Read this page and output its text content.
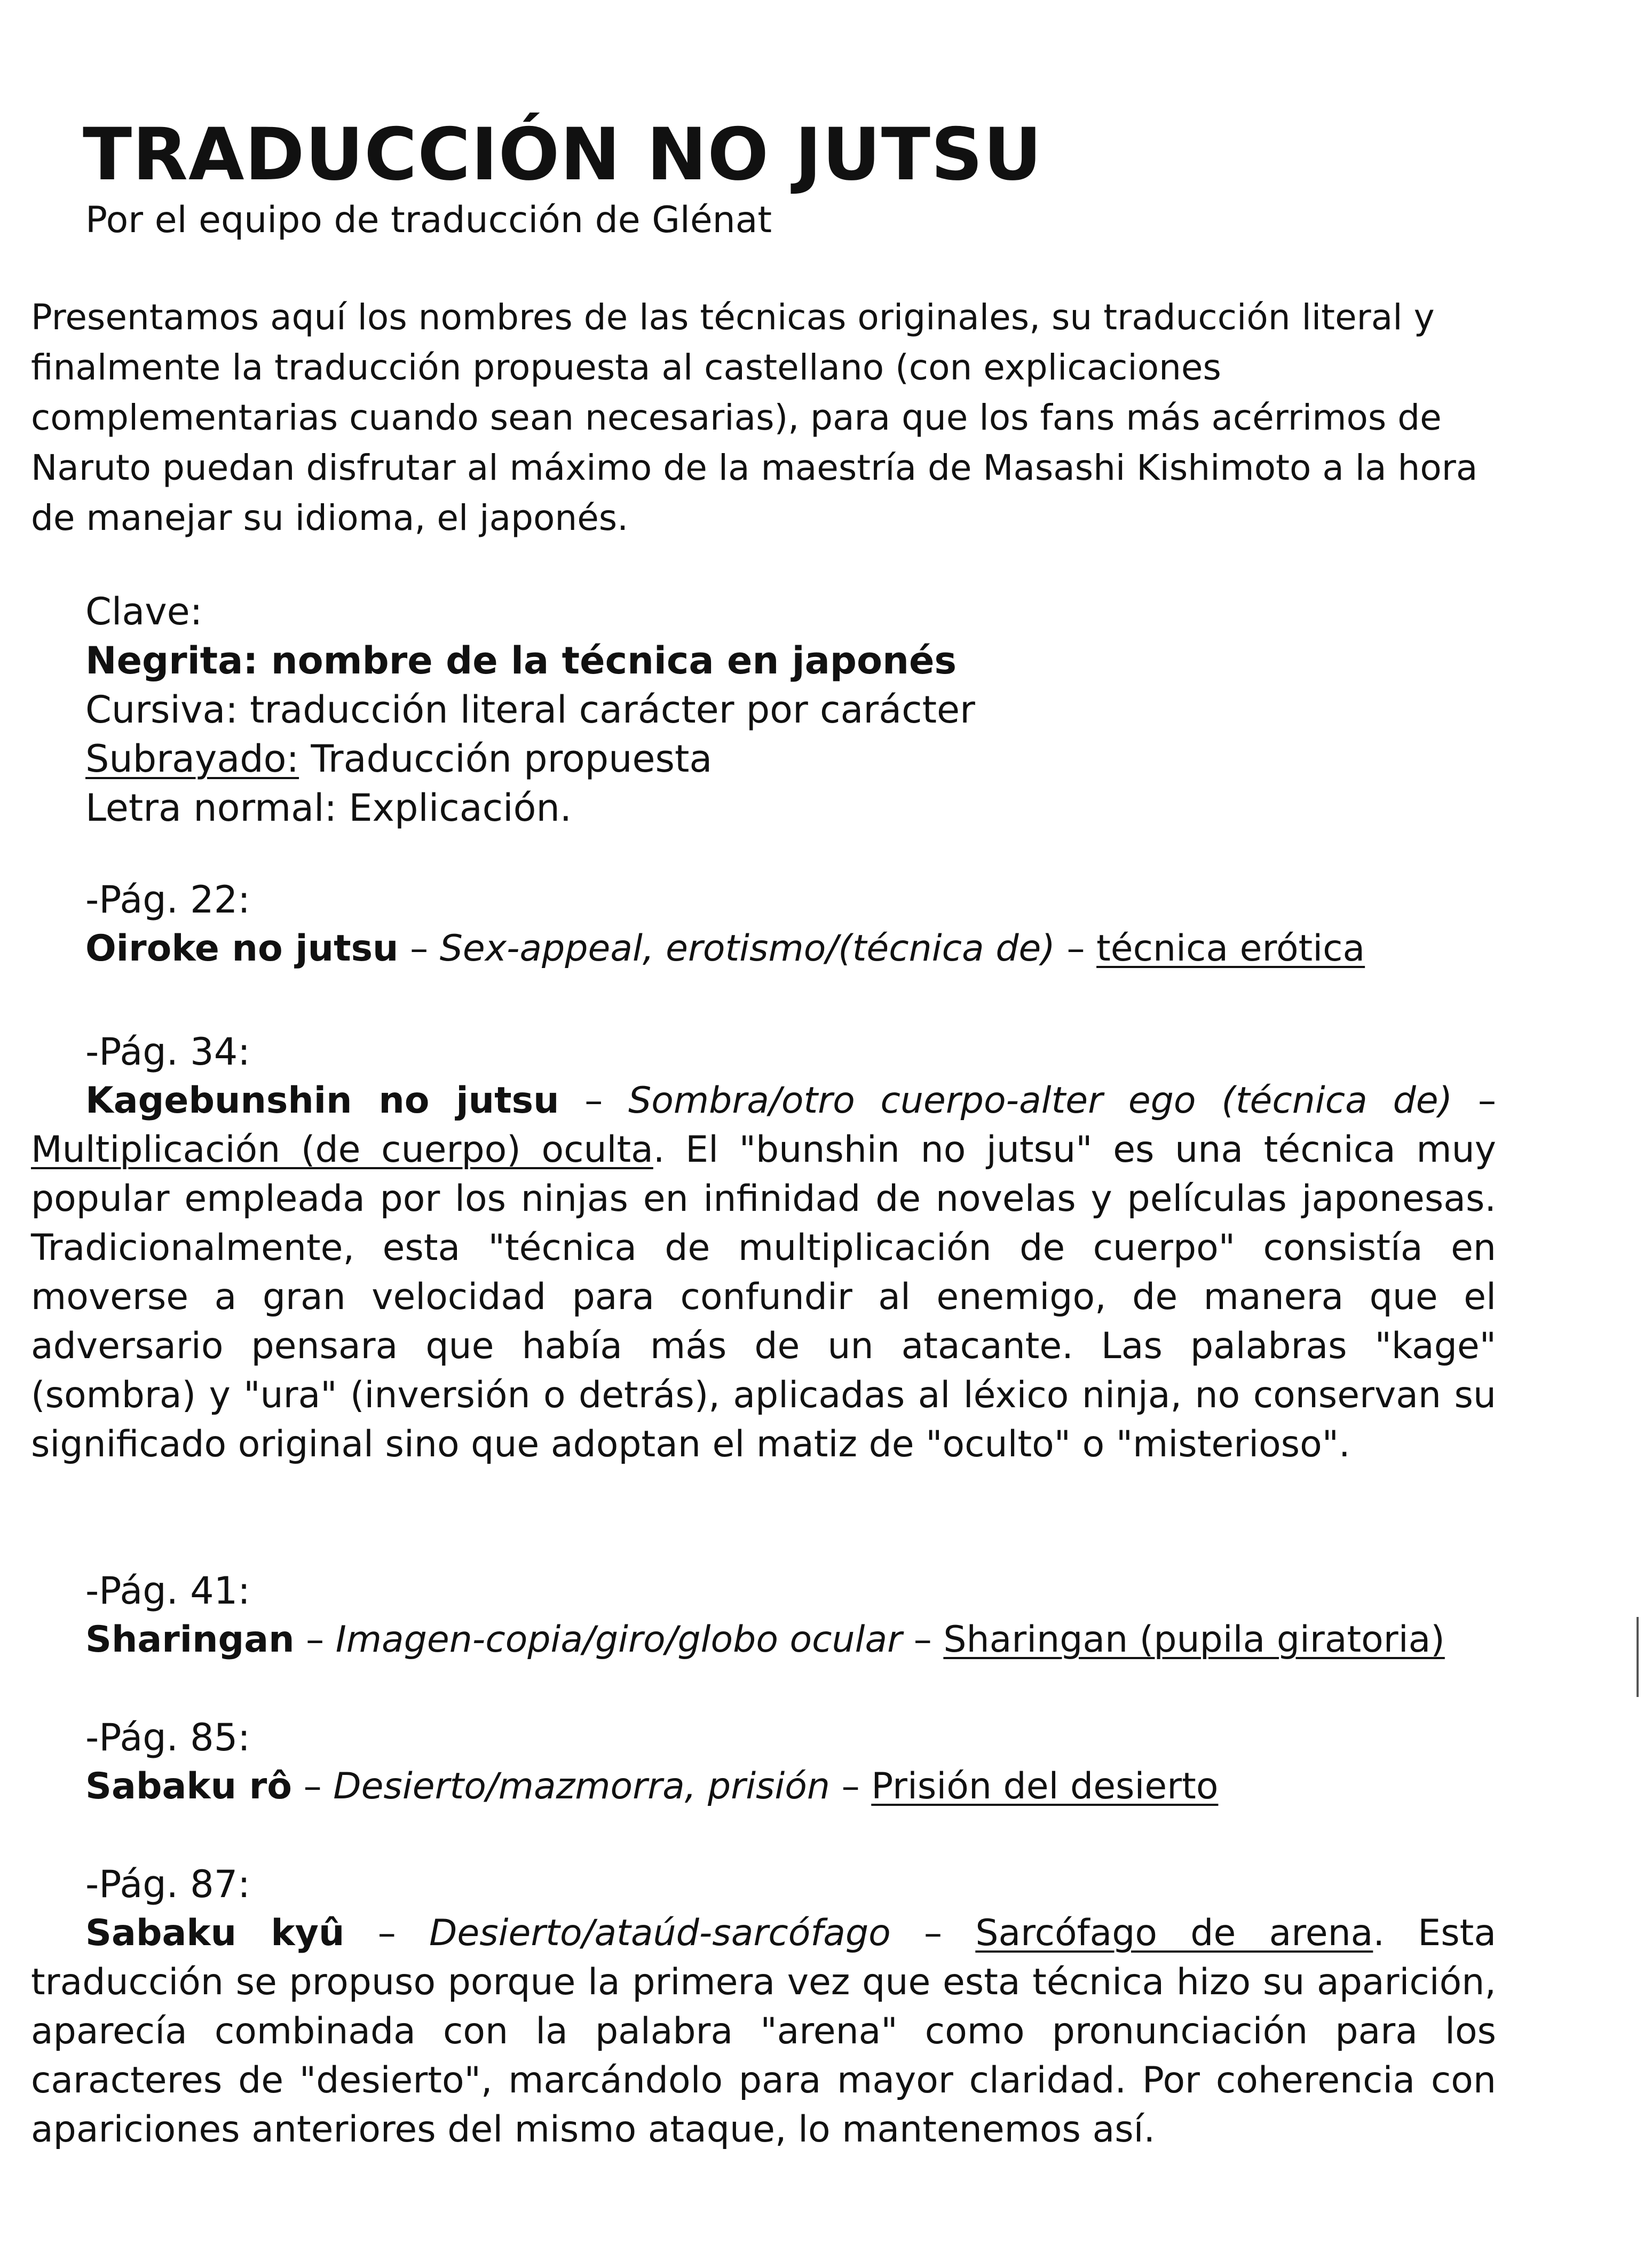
TRADUCCIÓN NO JUTSU

Por el equipo de traducción de Glénat

Presentamos aquí los nombres de las técnicas originales, su traducción literal y finalmente la traducción propuesta al castellano (con explicaciones complementarias cuando sean necesarias), para que los fans más acérrimos de Naruto puedan disfrutar al máximo de la maestría de Masashi Kishimoto a la hora de manejar su idioma, el japonés.

Clave:
Negrita: nombre de la técnica en japonés
Cursiva: traducción literal carácter por carácter
Subrayado: Traducción propuesta
Letra normal: Explicación.
-Pág. 22:
Oiroke no jutsu – Sex-appeal, erotismo/(técnica de) – técnica erótica
-Pág. 34:
Kagebunshin no jutsu – Sombra/otro cuerpo-alter ego (técnica de) – Multiplicación (de cuerpo) oculta. El "bunshin no jutsu" es una técnica muy popular empleada por los ninjas en infinidad de novelas y películas japonesas. Tradicionalmente, esta "técnica de multiplicación de cuerpo" consistía en moverse a gran velocidad para confundir al enemigo, de manera que el adversario pensara que había más de un atacante. Las palabras "kage" (sombra) y "ura" (inversión o detrás), aplicadas al léxico ninja, no conservan su significado original sino que adoptan el matiz de "oculto" o "misterioso".
-Pág. 41:
Sharingan – Imagen-copia/giro/globo ocular – Sharingan (pupila giratoria)
-Pág. 85:
Sabaku rô – Desierto/mazmorra, prisión – Prisión del desierto
-Pág. 87:
Sabaku kyû – Desierto/ataúd-sarcófago – Sarcófago de arena. Esta traducción se propuso porque la primera vez que esta técnica hizo su aparición, aparecía combinada con la palabra "arena" como pronunciación para los caracteres de "desierto", marcándolo para mayor claridad. Por coherencia con apariciones anteriores del mismo ataque, lo mantenemos así.
